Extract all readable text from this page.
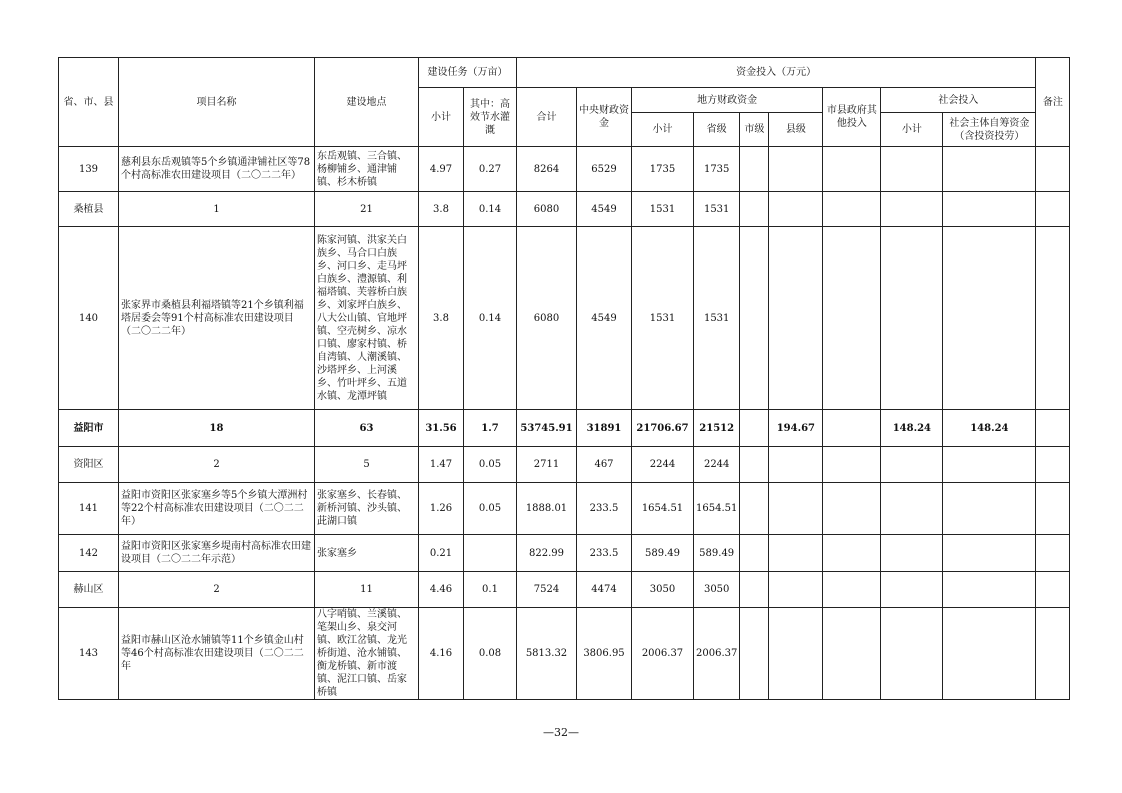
省、市、县	项目名称	建设地点	建设任务（万亩）		资金投入（万元）									备注
			小计	其中：高效节水灌溉	合计	中央财政资金	地方财政资金				市县政府其他投入	社会投入		
							小计	省级	市级	县级		小计	社会主体自筹资金（含投资投劳）	
139	慈利县东岳观镇等5个乡镇通津铺社区等78个村高标准农田建设项目（二〇二二年）	东岳观镇、三合镇、杨柳铺乡、通津铺镇、杉木桥镇	4.97	0.27	8264	6529	1735	1735						
桑植县	1	21	3.8	0.14	6080	4549	1531	1531						
140	张家界市桑植县利福塔镇等21个乡镇利福塔居委会等91个村高标准农田建设项目（二〇二二年）	陈家河镇、洪家关白族乡、马合口白族乡、河口乡、走马坪白族乡、澧源镇、利福塔镇、芙蓉桥白族乡、刘家坪白族乡、八大公山镇、官地坪镇、空壳树乡、凉水口镇、廖家村镇、桥自湾镇、人潮溪镇、沙塔坪乡、上河溪乡、竹叶坪乡、五道水镇、龙潭坪镇	3.8	0.14	6080	4549	1531	1531						
益阳市	18	63	31.56	1.7	53745.91	31891	21706.67	21512		194.67		148.24	148.24	
资阳区	2	5	1.47	0.05	2711	467	2244	2244						
141	益阳市资阳区张家塞乡等5个乡镇大潭洲村等22个村高标准农田建设项目（二〇二二年）	张家塞乡、长春镇、新桥河镇、沙头镇、茈湖口镇	1.26	0.05	1888.01	233.5	1654.51	1654.51						
142	益阳市资阳区张家塞乡堤南村高标准农田建设项目（二〇二二年示范）	张家塞乡	0.21		822.99	233.5	589.49	589.49						
赫山区	2	11	4.46	0.1	7524	4474	3050	3050						
143	益阳市赫山区沧水铺镇等11个乡镇金山村等46个村高标准农田建设项目（二〇二二年	八字哨镇、兰溪镇、笔架山乡、泉交河镇、欧江岔镇、龙光桥街道、沧水铺镇、衡龙桥镇、新市渡镇、泥江口镇、岳家桥镇	4.16	0.08	5813.32	3806.95	2006.37	2006.37						
—32—
